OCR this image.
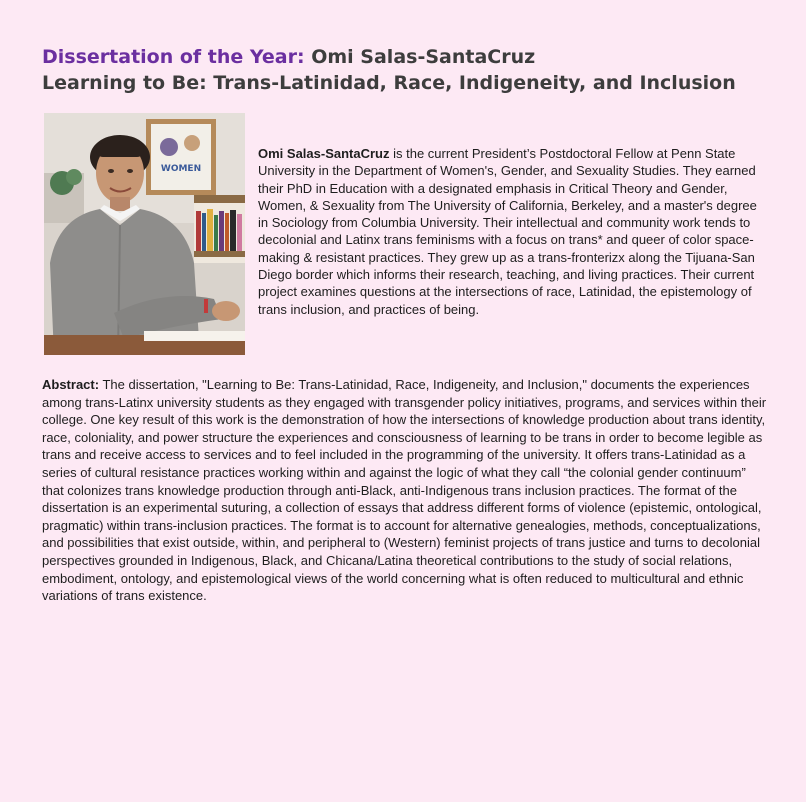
Dissertation of the Year: Omi Salas-SantaCruz
Learning to Be: Trans-Latinidad, Race, Indigeneity, and Inclusion
WOMEN

Omi Salas-SantaCruz is the current President’s Postdoctoral Fellow at Penn State University in the Department of Women's, Gender, and Sexuality Studies. They earned their PhD in Education with a designated emphasis in Critical Theory and Gender, Women, & Sexuality from The University of California, Berkeley, and a master's degree in Sociology from Columbia University. Their intellectual and community work tends to decolonial and Latinx trans feminisms with a focus on trans* and queer of color space-making & resistant practices. They grew up as a trans-fronterizx along the Tijuana-San Diego border which informs their research, teaching, and living practices. Their current project examines questions at the intersections of race, Latinidad, the epistemology of trans inclusion, and practices of being.

Abstract: The dissertation, "Learning to Be: Trans-Latinidad, Race, Indigeneity, and Inclusion," documents the experiences among trans-Latinx university students as they engaged with transgender policy initiatives, programs, and services within their college. One key result of this work is the demonstration of how the intersections of knowledge production about trans identity, race, coloniality, and power structure the experiences and consciousness of learning to be trans in order to become legible as trans and receive access to services and to feel included in the programming of the university. It offers trans-Latinidad as a series of cultural resistance practices working within and against the logic of what they call “the colonial gender continuum” that colonizes trans knowledge production through anti-Black, anti-Indigenous trans inclusion practices. The format of the dissertation is an experimental suturing, a collection of essays that address different forms of violence (epistemic, ontological, pragmatic) within trans-inclusion practices. The format is to account for alternative genealogies, methods, conceptualizations, and possibilities that exist outside, within, and peripheral to (Western) feminist projects of trans justice and turns to decolonial perspectives grounded in Indigenous, Black, and Chicana/Latina theoretical contributions to the study of social relations, embodiment, ontology, and epistemological views of the world concerning what is often reduced to multicultural and ethnic variations of trans existence.
